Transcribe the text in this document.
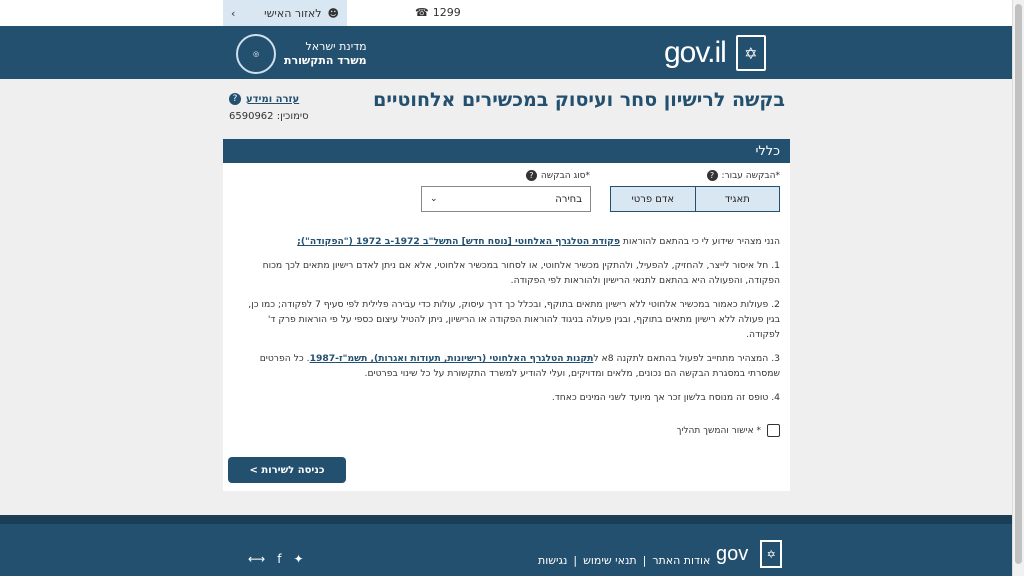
☻
לאזור האישי
›	☎ 1299
מדינת ישראל
משרד התקשורת
◎	gov.il	✡
בקשה לרישיון סחר ועיסוק במכשירים אלחוטיים
עזרה ומידע
?
סימוכין: 6590962
כללי
*הבקשה עבור:
?
תאגיד
אדם פרטי
*סוג הבקשה
?
בחירה
⌄

הנני מצהיר שידוע לי כי בהתאם להוראות פקודת הטלגרף האלחוטי [נוסח חדש] התשל"ב 1972-ב 1972 ("הפקודה");

1. חל איסור לייצר, להחזיק, להפעיל, ולהתקין מכשיר אלחוטי, או לסחור במכשיר אלחוטי, אלא אם ניתן לאדם רישיון מתאים לכך מכוח הפקודה, והפעולה היא בהתאם לתנאי הרישיון ולהוראות לפי הפקודה.

2. פעולות כאמור במכשיר אלחוטי ללא רישיון מתאים בתוקף, ובכלל כך דרך עיסוק, עולות כדי עבירה פלילית לפי סעיף 7 לפקודה; כמו כן, בגין פעולה ללא רישיון מתאים בתוקף, ובגין פעולה בניגוד להוראות הפקודה או הרישיון, ניתן להטיל עיצום כספי על פי הוראות פרק ד' לפקודה.

3. המצהיר מתחייב לפעול בהתאם לתקנה 8א לתקנות הטלגרף האלחוטי (רישיונות, תעודות ואגרות), תשמ"ז-1987. כל הפרטים שמסרתי במסגרת הבקשה הם נכונים, מלאים ומדויקים, ועלי להודיע למשרד התקשורת על כל שינוי בפרטים.

4. טופס זה מנוסח בלשון זכר אך מיועד לשני המינים כאחד.

* אישור והמשך תהליך
כניסה לשירות >
⟷ f ✦	אודות האתר
|
תנאי שימוש
|
נגישות	gov	✡
